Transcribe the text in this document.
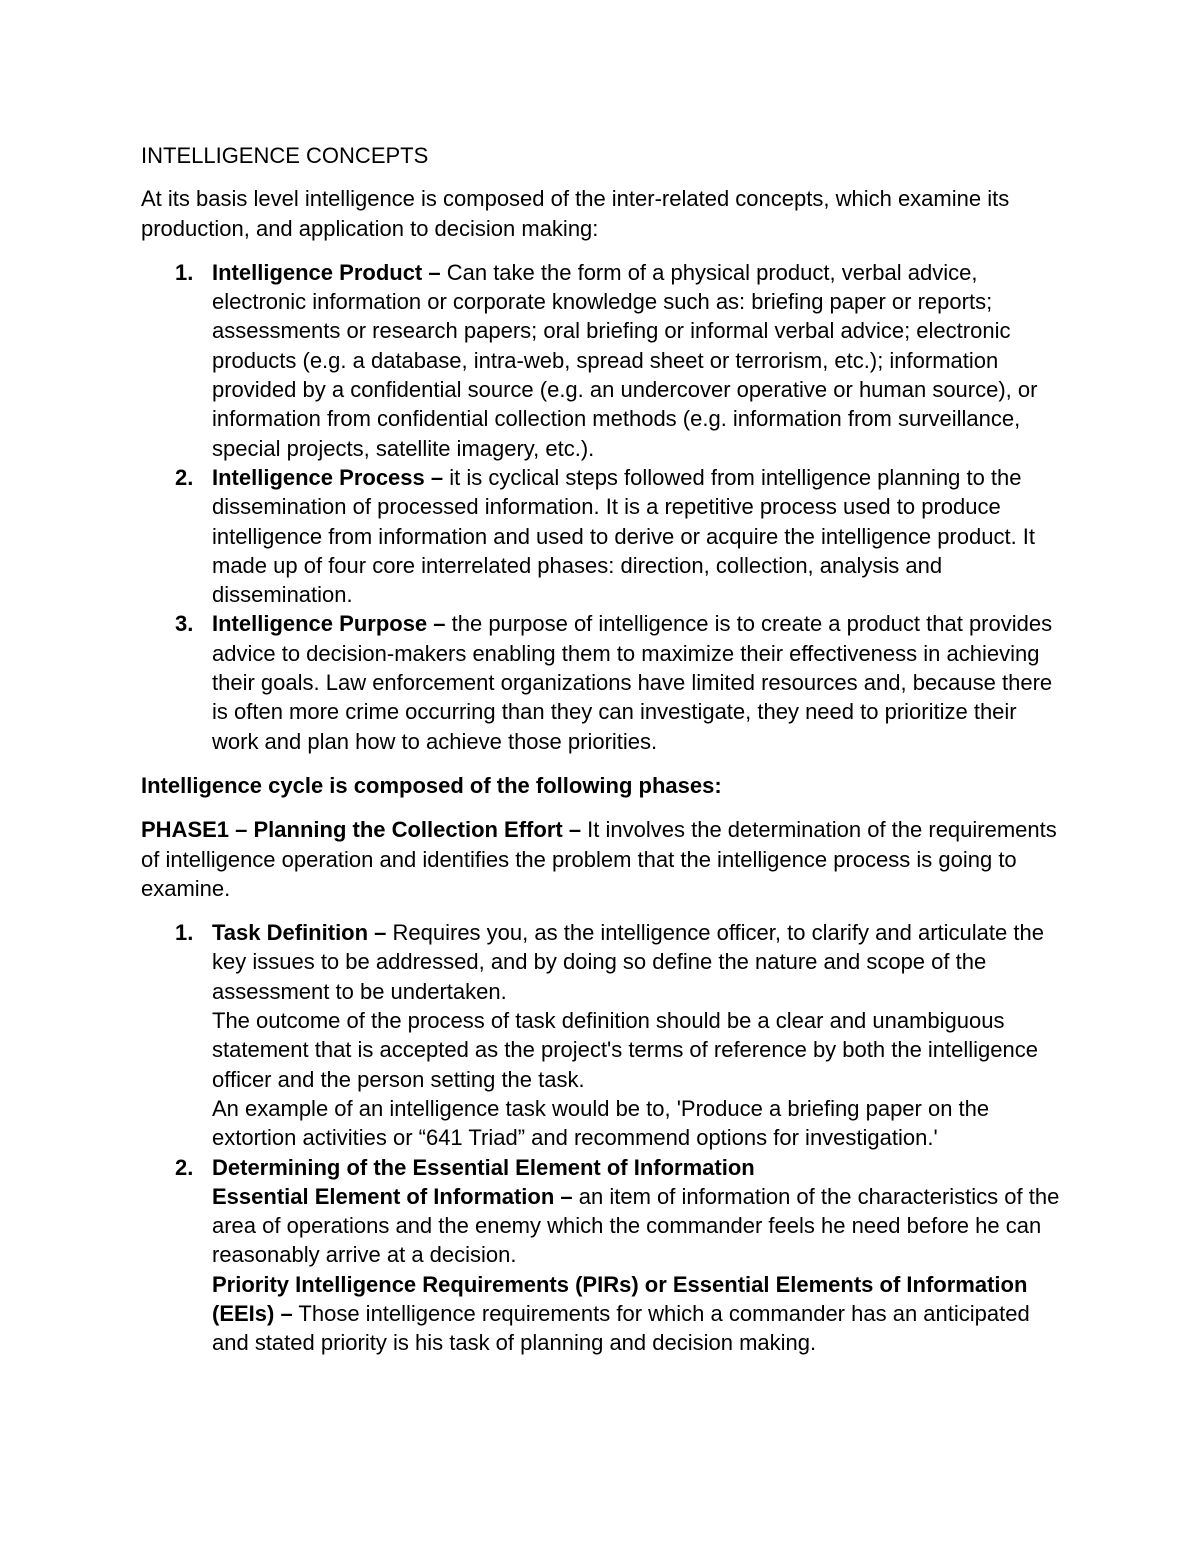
INTELLIGENCE CONCEPTS

At its basis level intelligence is composed of the inter-related concepts, which examine its production, and application to decision making:

1. Intelligence Product – Can take the form of a physical product, verbal advice, electronic information or corporate knowledge such as: briefing paper or reports; assessments or research papers; oral briefing or informal verbal advice; electronic products (e.g. a database, intra-web, spread sheet or terrorism, etc.); information provided by a confidential source (e.g. an undercover operative or human source), or information from confidential collection methods (e.g. information from surveillance, special projects, satellite imagery, etc.).
2. Intelligence Process – it is cyclical steps followed from intelligence planning to the dissemination of processed information. It is a repetitive process used to produce intelligence from information and used to derive or acquire the intelligence product. It made up of four core interrelated phases: direction, collection, analysis and dissemination.
3. Intelligence Purpose – the purpose of intelligence is to create a product that provides advice to decision-makers enabling them to maximize their effectiveness in achieving their goals. Law enforcement organizations have limited resources and, because there is often more crime occurring than they can investigate, they need to prioritize their work and plan how to achieve those priorities.

Intelligence cycle is composed of the following phases:

PHASE1 – Planning the Collection Effort – It involves the determination of the requirements of intelligence operation and identifies the problem that the intelligence process is going to examine.

1. Task Definition – Requires you, as the intelligence officer, to clarify and articulate the key issues to be addressed, and by doing so define the nature and scope of the assessment to be undertaken.
The outcome of the process of task definition should be a clear and unambiguous statement that is accepted as the project's terms of reference by both the intelligence officer and the person setting the task.
An example of an intelligence task would be to, 'Produce a briefing paper on the extortion activities or “641 Triad” and recommend options for investigation.'
2. Determining of the Essential Element of Information
Essential Element of Information – an item of information of the characteristics of the area of operations and the enemy which the commander feels he need before he can reasonably arrive at a decision.
Priority Intelligence Requirements (PIRs) or Essential Elements of Information (EEIs) – Those intelligence requirements for which a commander has an anticipated and stated priority is his task of planning and decision making.
